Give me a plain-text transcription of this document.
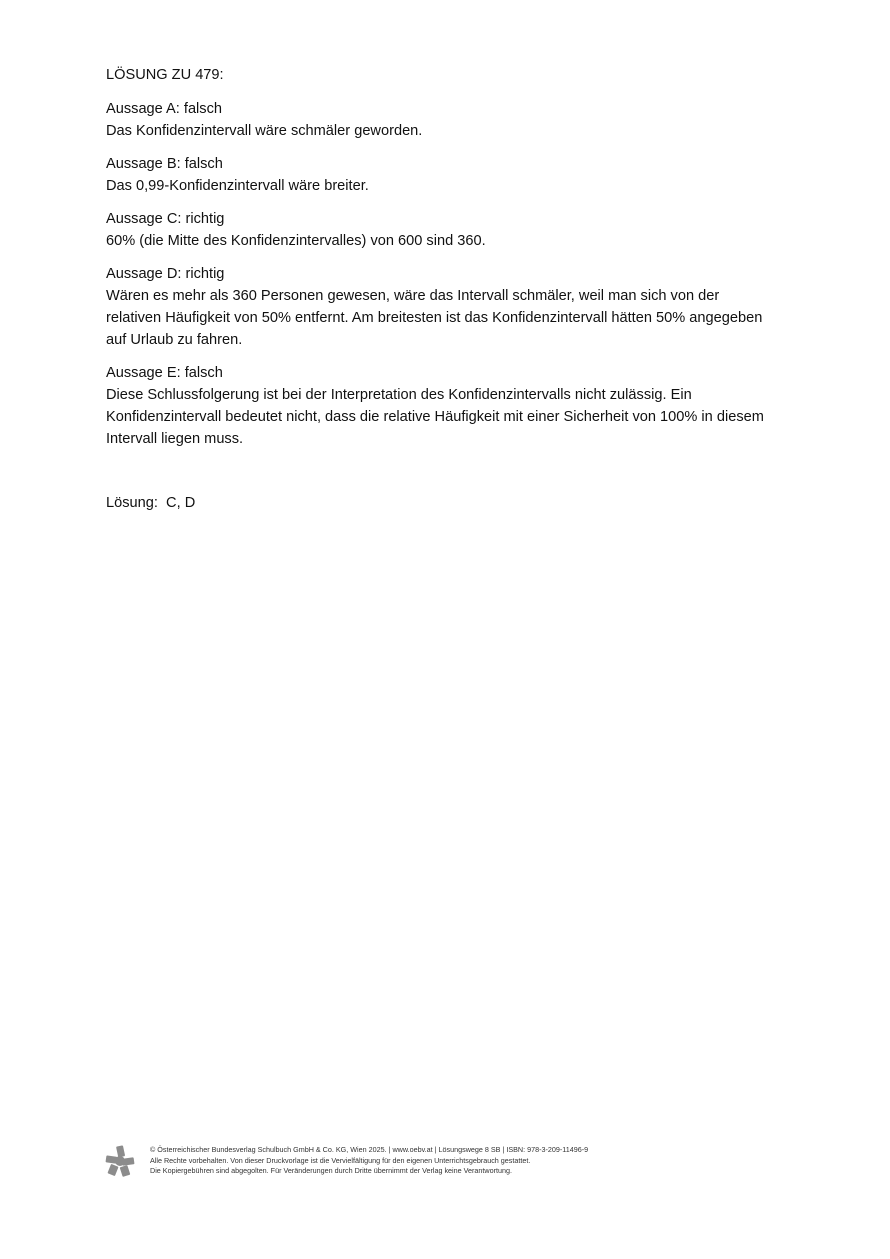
LÖSUNG ZU 479:

Aussage A: falsch

Das Konfidenzintervall wäre schmäler geworden.

Aussage B: falsch

Das 0,99-Konfidenzintervall wäre breiter.

Aussage C: richtig

60% (die Mitte des Konfidenzintervalles) von 600 sind 360.

Aussage D: richtig

Wären es mehr als 360 Personen gewesen, wäre das Intervall schmäler, weil man sich von der relativen Häufigkeit von 50% entfernt. Am breitesten ist das Konfidenzintervall hätten 50% angegeben auf Urlaub zu fahren.

Aussage E: falsch

Diese Schlussfolgerung ist bei der Interpretation des Konfidenzintervalls nicht zulässig. Ein Konfidenzintervall bedeutet nicht, dass die relative Häufigkeit mit einer Sicherheit von 100% in diesem Intervall liegen muss.

Lösung:  C, D
© Österreichischer Bundesverlag Schulbuch GmbH & Co. KG, Wien 2025. | www.oebv.at | Lösungswege 8 SB | ISBN: 978-3-209-11496-9
Alle Rechte vorbehalten. Von dieser Druckvorlage ist die Vervielfältigung für den eigenen Unterrichtsgebrauch gestattet.
Die Kopiergebühren sind abgegolten. Für Veränderungen durch Dritte übernimmt der Verlag keine Verantwortung.
